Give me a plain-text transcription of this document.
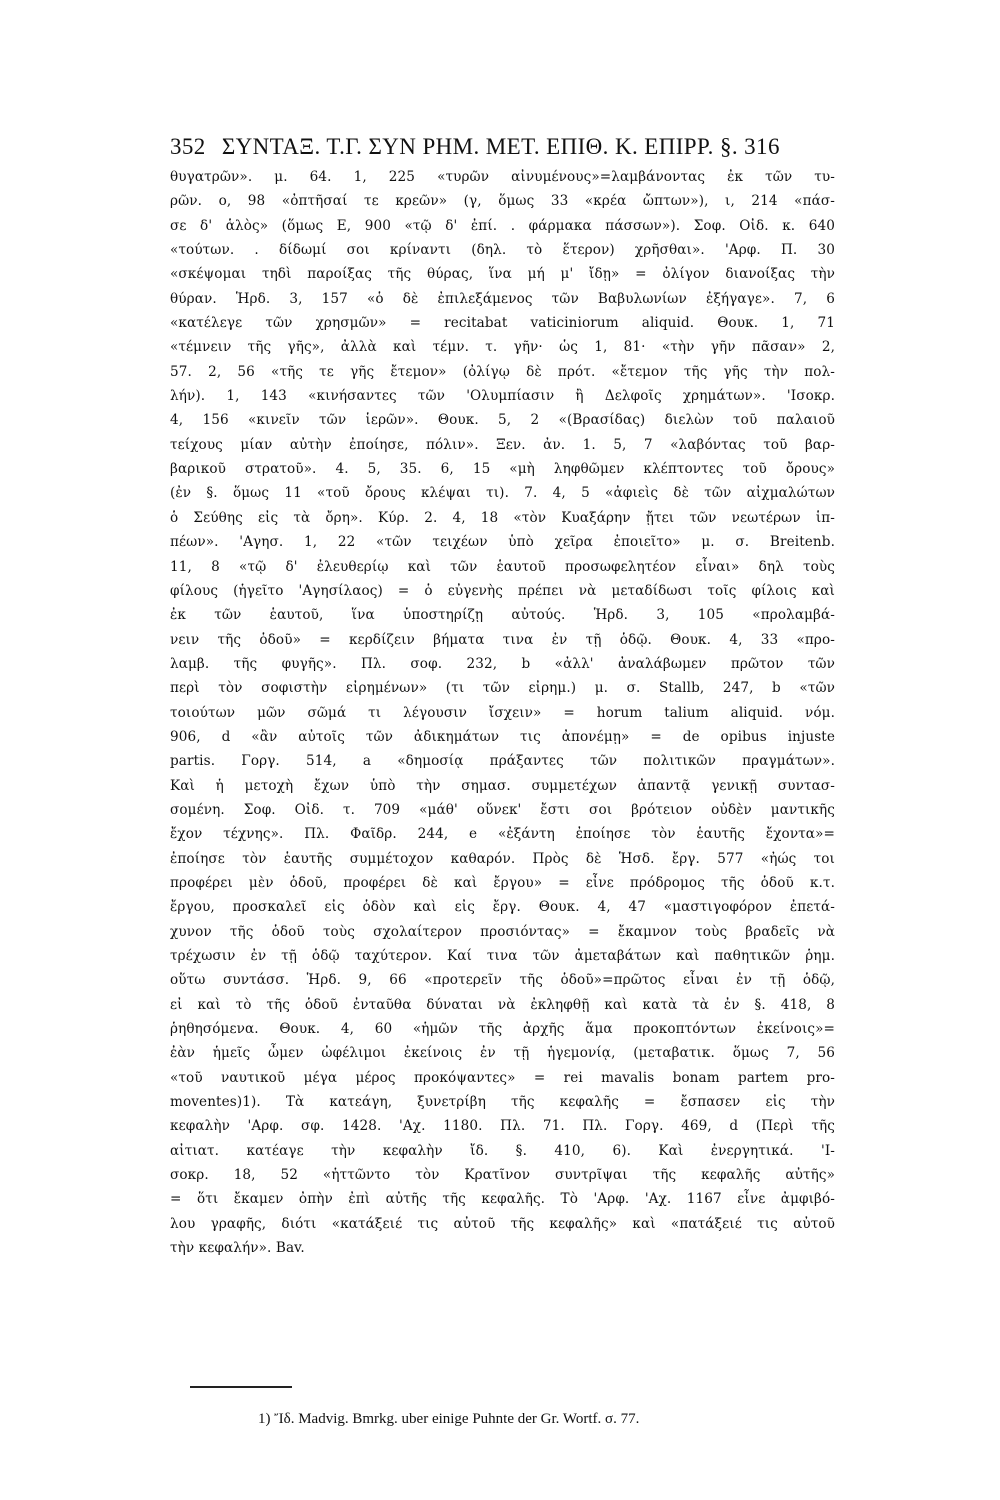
352 ΣΥΝΤΑΞ. Τ.Γ. ΣΥΝ ΡΗΜ. ΜΕΤ. ΕΠΙΘ. Κ. ΕΠΙΡΡ. §. 316
θυγατρῶν». μ. 64. 1, 225 «τυρῶν αἰνυμένους»=λαμβάνοντας ἐκ τῶν τυ-
ρῶν. ο, 98 «ὀπτῆσαί τε κρεῶν» (γ, ὅμως 33 «κρέα ὤπτων»), ι, 214 «πάσ-
σε δ' ἁλὸς» (ὅμως Ε, 900 «τῷ δ' ἐπί. . φάρμακα πάσσων»). Σοφ. Οἰδ. κ. 640
«τούτων. . δίδωμί σοι κρίναντι (δηλ. τὸ ἕτερον) χρῆσθαι». 'Αρφ. Π. 30
«σκέψομαι τηδὶ παροίξας τῆς θύρας, ἵνα μή μ' ἴδῃ» = ὀλίγον διανοίξας τὴν
θύραν. Ἡρδ. 3, 157 «ὁ δὲ ἐπιλεξάμενος τῶν Βαβυλωνίων ἐξήγαγε». 7, 6
«κατέλεγε τῶν χρησμῶν» = recitabat vaticiniorum aliquid. Θουκ. 1, 71
«τέμνειν τῆς γῆς», ἀλλὰ καὶ τέμν. τ. γῆν· ὡς 1, 81· «τὴν γῆν πᾶσαν» 2,
57. 2, 56 «τῆς τε γῆς ἔτεμον» (ὀλίγῳ δὲ πρότ. «ἔτεμον τῆς γῆς τὴν πολ-
λήν). 1, 143 «κινήσαντες τῶν 'Ολυμπίασιν ἢ Δελφοῖς χρημάτων». 'Ισοκρ.
4, 156 «κινεῖν τῶν ἱερῶν». Θουκ. 5, 2 «(Βρασίδας) διελὼν τοῦ παλαιοῦ
τείχους μίαν αὐτὴν ἐποίησε, πόλιν». Ξεν. ἀν. 1. 5, 7 «λαβόντας τοῦ βαρ-
βαρικοῦ στρατοῦ». 4. 5, 35. 6, 15 «μὴ ληφθῶμεν κλέπτοντες τοῦ ὄρους»
(ἐν §. ὅμως 11 «τοῦ ὄρους κλέψαι τι). 7. 4, 5 «ἀφιεὶς δὲ τῶν αἰχμαλώτων
ὁ Σεύθης εἰς τὰ ὄρη». Κύρ. 2. 4, 18 «τὸν Κυαξάρην ᾔτει τῶν νεωτέρων ἱπ-
πέων». 'Αγησ. 1, 22 «τῶν τειχέων ὑπὸ χεῖρα ἐποιεῖτο» μ. σ. Breitenb.
11, 8 «τῷ δ' ἐλευθερίῳ καὶ τῶν ἑαυτοῦ προσωφελητέον εἶναι» δηλ τοὺς
φίλους (ἡγεῖτο 'Αγησίλαος) = ὁ εὐγενὴς πρέπει νὰ μεταδίδωσι τοῖς φίλοις καὶ
ἐκ τῶν ἑαυτοῦ, ἵνα ὑποστηρίζῃ αὐτούς. Ἡρδ. 3, 105 «προλαμβά-
νειν τῆς ὁδοῦ» = κερδίζειν βήματα τινα ἐν τῇ ὁδῷ. Θουκ. 4, 33 «προ-
λαμβ. τῆς φυγῆς». Πλ. σοφ. 232, b «ἀλλ' ἀναλάβωμεν πρῶτον τῶν
περὶ τὸν σοφιστὴν εἰρημένων» (τι τῶν εἰρημ.) μ. σ. Stallb, 247, b «τῶν
τοιούτων μῶν σῶμά τι λέγουσιν ἴσχειν» = horum talium aliquid. νόμ.
906, d «ἂν αὐτοῖς τῶν ἀδικημάτων τις ἀπονέμῃ» = de opibus injuste
partis. Γοργ. 514, a «δημοσίᾳ πράξαντες τῶν πολιτικῶν πραγμάτων».
Καὶ ἡ μετοχὴ ἔχων ὑπὸ τὴν σημασ. συμμετέχων ἀπαντᾷ γενικῇ συντασ-
σομένη. Σοφ. Οἰδ. τ. 709 «μάθ' οὕνεκ' ἔστι σοι βρότειον οὐδὲν μαντικῆς
ἔχον τέχνης». Πλ. Φαῖδρ. 244, e «ἐξάντη ἐποίησε τὸν ἑαυτῆς ἔχοντα»=
ἐποίησε τὸν ἑαυτῆς συμμέτοχον καθαρόν. Πρὸς δὲ Ἡσδ. ἔργ. 577 «ἠώς τοι
προφέρει μὲν ὁδοῦ, προφέρει δὲ καὶ ἔργου» = εἶνε πρόδρομος τῆς ὁδοῦ κ.τ.
ἔργου, προσκαλεῖ εἰς ὁδὸν καὶ εἰς ἔργ. Θουκ. 4, 47 «μαστιγοφόρον ἐπετά-
χυνον τῆς ὁδοῦ τοὺς σχολαίτερον προσιόντας» = ἔκαμνον τοὺς βραδεῖς νὰ
τρέχωσιν ἐν τῇ ὁδῷ ταχύτερον. Καί τινα τῶν ἀμεταβάτων καὶ παθητικῶν ῥημ.
οὕτω συντάσσ. Ἡρδ. 9, 66 «προτερεῖν τῆς ὁδοῦ»=πρῶτος εἶναι ἐν τῇ ὁδῷ,
εἰ καὶ τὸ τῆς ὁδοῦ ἐνταῦθα δύναται νὰ ἐκληφθῇ καὶ κατὰ τὰ ἐν §. 418, 8
ῥηθησόμενα. Θουκ. 4, 60 «ἡμῶν τῆς ἀρχῆς ἅμα προκοπτόντων ἐκείνοις»=
ἐὰν ἡμεῖς ὦμεν ὠφέλιμοι ἐκείνοις ἐν τῇ ἡγεμονίᾳ, (μεταβατικ. ὅμως 7, 56
«τοῦ ναυτικοῦ μέγα μέρος προκόψαντες» = rei mavalis bonam partem pro-
moventes)1). Τὰ κατεάγη, ξυνετρίβη τῆς κεφαλῆς = ἔσπασεν εἰς τὴν
κεφαλὴν 'Αρφ. σφ. 1428. 'Αχ. 1180. Πλ. 71. Πλ. Γοργ. 469, d (Περὶ τῆς
αἰτιατ. κατέαγε τὴν κεφαλὴν ἴδ. §. 410, 6). Καὶ ἐνεργητικά. 'Ι-
σοκρ. 18, 52 «ἡττῶντο τὸν Κρατῖνον συντρῖψαι τῆς κεφαλῆς αὐτῆς»
= ὅτι ἔκαμεν ὀπὴν ἐπὶ αὐτῆς τῆς κεφαλῆς. Τὸ 'Αρφ. 'Αχ. 1167 εἶνε ἀμφιβό-
λου γραφῆς, διότι «κατάξειέ τις αὐτοῦ τῆς κεφαλῆς» καὶ «πατάξειέ τις αὐτοῦ
τὴν κεφαλήν». Bav.
1) Ἴδ. Madvig. Bmrkg. uber einige Puhnte der Gr. Wortf. σ. 77.
